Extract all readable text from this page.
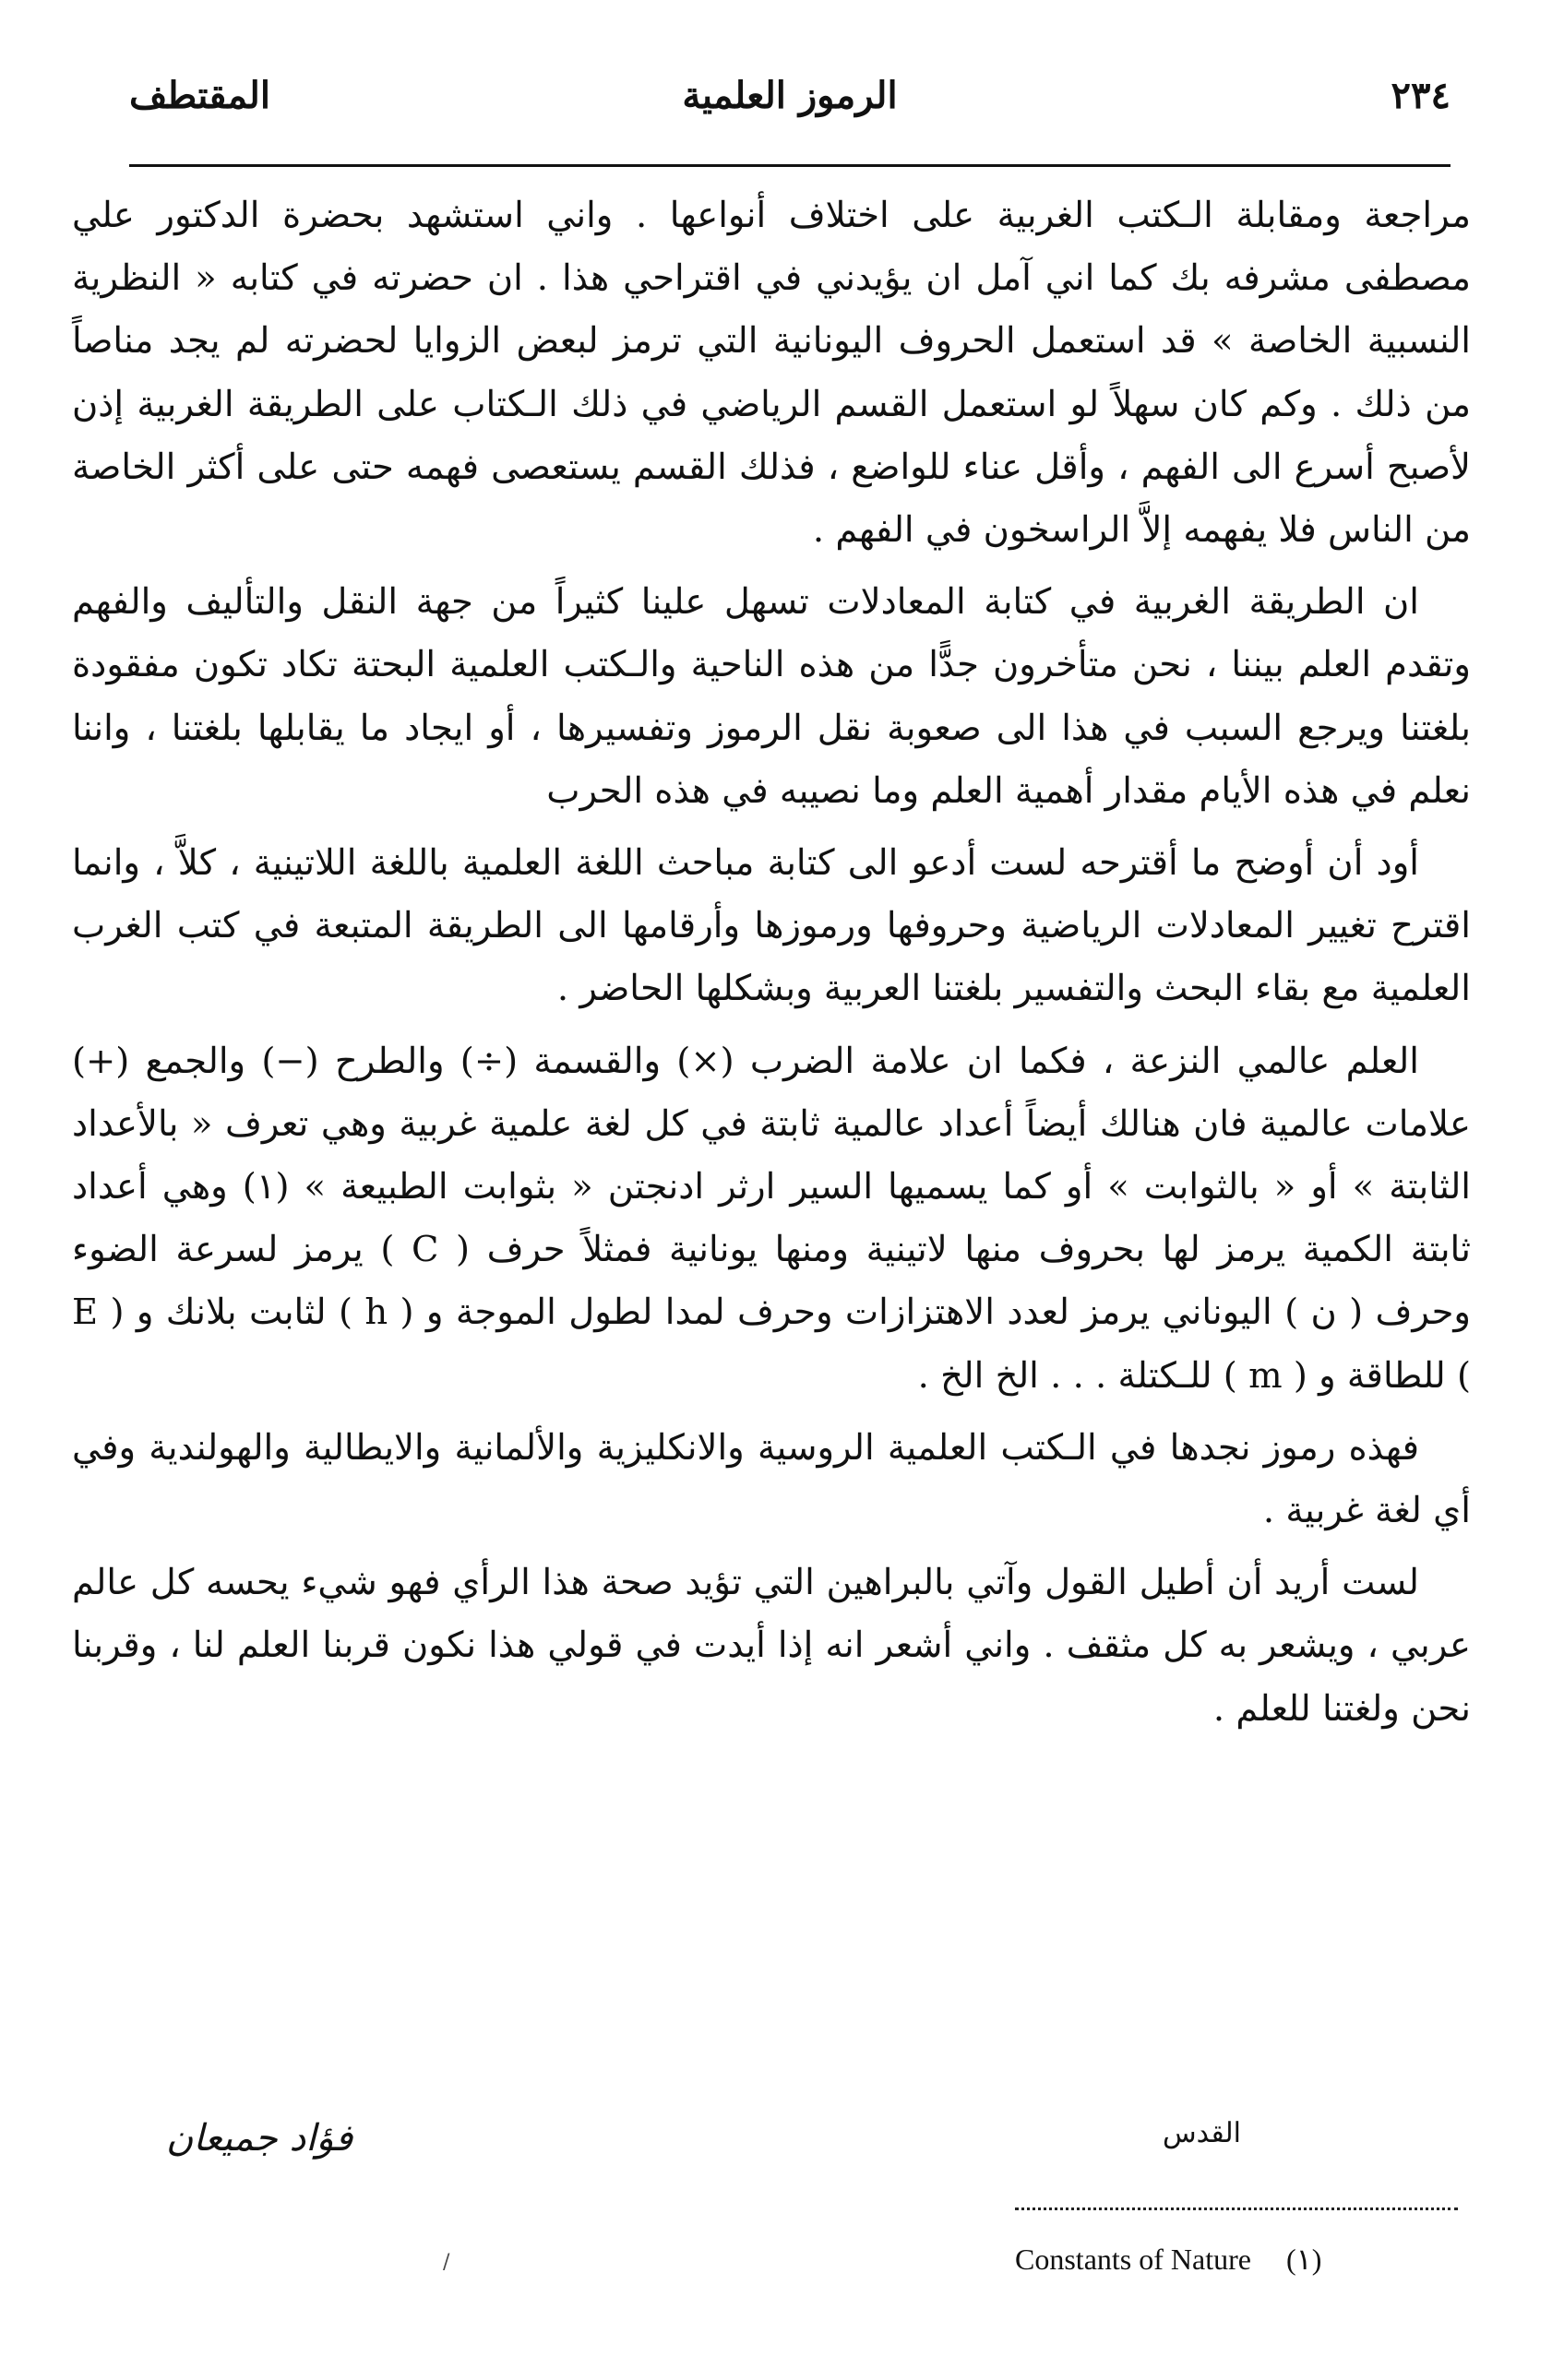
٢٣٤
الرموز العلمية
المقتطف

مراجعة ومقابلة الـكتب الغربية على اختلاف أنواعها . واني استشهد بحضرة الدكتور علي مصطفى مشرفه بك كما اني آمل ان يؤيدني في اقتراحي هذا . ان حضرته في كتابه « النظرية النسبية الخاصة » قد استعمل الحروف اليونانية التي ترمز لبعض الزوايا لحضرته لم يجد مناصاً من ذلك . وكم كان سهلاً لو استعمل القسم الرياضي في ذلك الـكتاب على الطريقة الغربية إذن لأصبح أسرع الى الفهم ، وأقل عناء للواضع ، فذلك القسم يستعصى فهمه حتى على أكثر الخاصة من الناس فلا يفهمه إلاَّ الراسخون في الفهم .

ان الطريقة الغربية في كتابة المعادلات تسهل علينا كثيراً من جهة النقل والتأليف والفهم وتقدم العلم بيننا ، نحن متأخرون جدًّا من هذه الناحية والـكتب العلمية البحتة تكاد تكون مفقودة بلغتنا ويرجع السبب في هذا الى صعوبة نقل الرموز وتفسيرها ، أو ايجاد ما يقابلها بلغتنا ، واننا نعلم في هذه الأيام مقدار أهمية العلم وما نصيبه في هذه الحرب

أود أن أوضح ما أقترحه لست أدعو الى كتابة مباحث اللغة العلمية باللغة اللاتينية ، كلاَّ ، وانما اقترح تغيير المعادلات الرياضية وحروفها ورموزها وأرقامها الى الطريقة المتبعة في كتب الغرب العلمية مع بقاء البحث والتفسير بلغتنا العربية وبشكلها الحاضر .

العلم عالمي النزعة ، فكما ان علامة الضرب (×) والقسمة (÷) والطرح (−) والجمع (+) علامات عالمية فان هنالك أيضاً أعداد عالمية ثابتة في كل لغة علمية غربية وهي تعرف « بالأعداد الثابتة » أو « بالثوابت » أو كما يسميها السير ارثر ادنجتن « بثوابت الطبيعة » (١) وهي أعداد ثابتة الكمية يرمز لها بحروف منها لاتينية ومنها يونانية فمثلاً حرف ( C ) يرمز لسرعة الضوء وحرف ( ن ) اليوناني يرمز لعدد الاهتزازات وحرف لمدا لطول الموجة و ( h ) لثابت بلانك و ( E ) للطاقة و ( m ) للـكتلة . . . الخ الخ .

فهذه رموز نجدها في الـكتب العلمية الروسية والانكليزية والألمانية والايطالية والهولندية وفي أي لغة غربية .

لست أريد أن أطيل القول وآتي بالبراهين التي تؤيد صحة هذا الرأي فهو شيء يحسه كل عالم عربي ، ويشعر به كل مثقف . واني أشعر انه إذا أيدت في قولي هذا نكون قربنا العلم لنا ، وقربنا نحن ولغتنا للعلم .

فؤاد جميعان	القدس
Constants of Nature (١)
/
